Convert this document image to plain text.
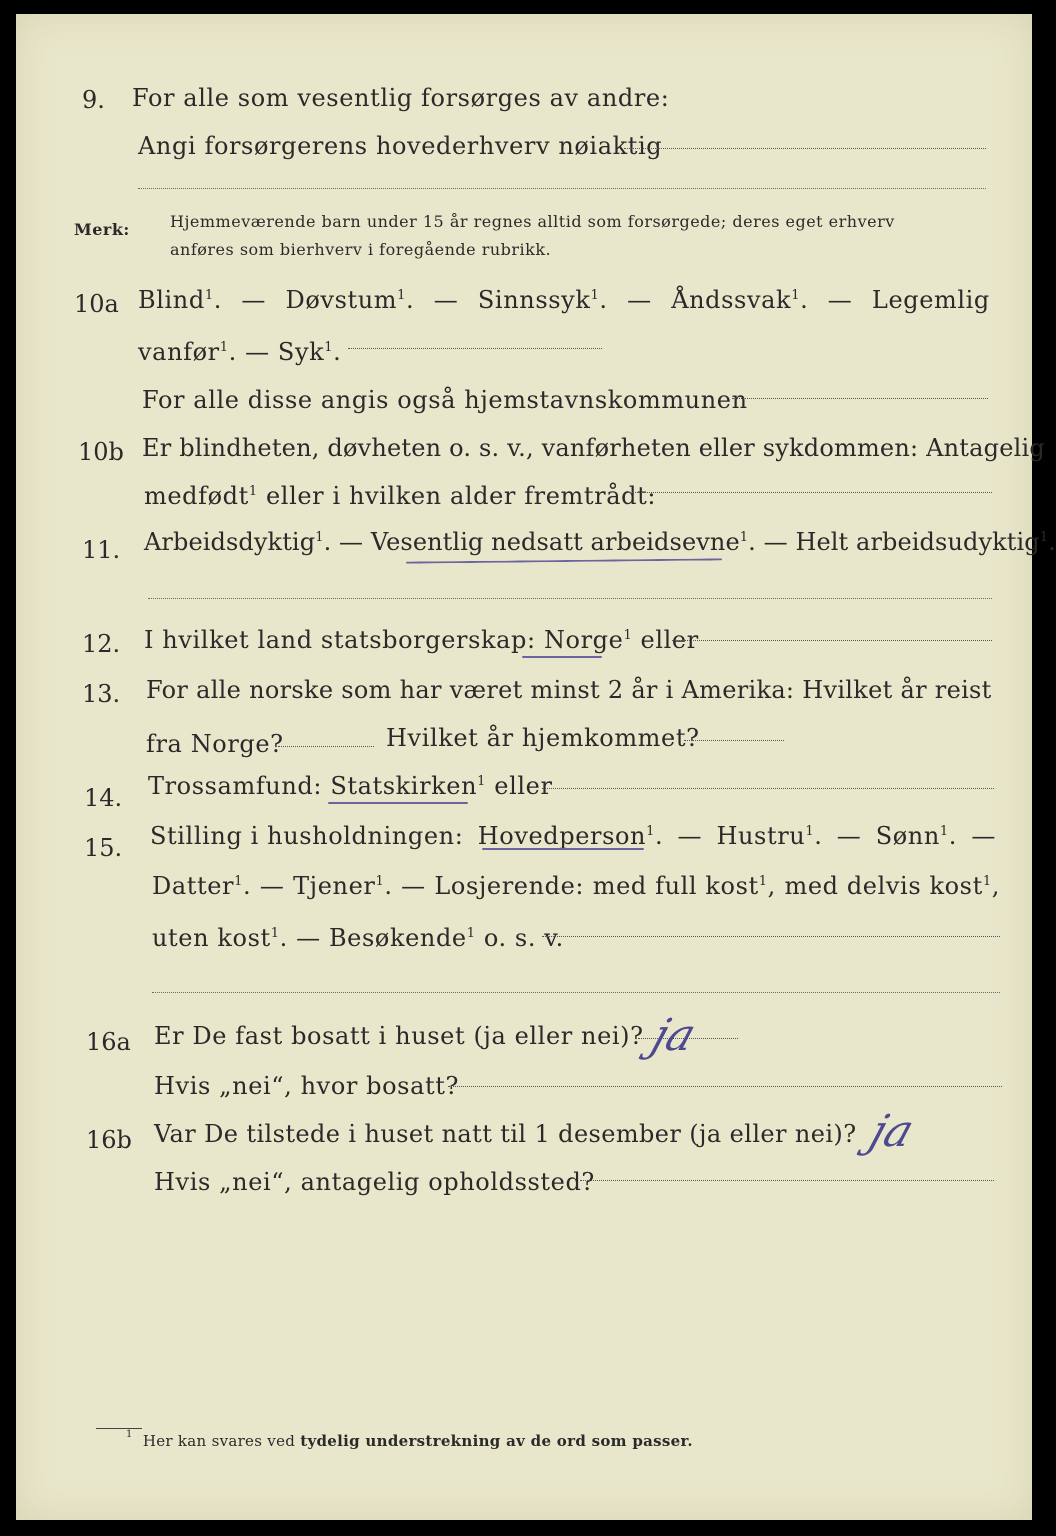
9. For alle som vesentlig forsørges av andre:
Angi forsørgerens hovederhverv nøiaktig
Merk:	Hjemmeværende barn under 15 år regnes alltid som forsørgede; deres eget erhverv
anføres som bierhverv i foregående rubrikk.
10a Blind$^1$. — Døvstum$^1$. — Sinnssyk$^1$. — Åndssvak$^1$. — Legemlig
vanfør$^1$. — Syk$^1$.
For alle disse angis også hjemstavnskommunen
10b Er blindheten, døvheten o. s. v., vanførheten eller sykdommen: Antagelig
medfødt$^1$ eller i hvilken alder fremtrådt:
11. Arbeidsdyktig$^1$. — Vesentlig nedsatt arbeidsevne$^1$. — Helt arbeidsudyktig$^1$.
12. I hvilket land statsborgerskap: Norge$^1$ eller
13. For alle norske som har været minst 2 år i Amerika: Hvilket år reist
fra Norge?	Hvilket år hjemkommet?
14. Trossamfund: Statskirken$^1$ eller
15. Stilling i husholdningen: Hovedperson$^1$. — Hustru$^1$. — Sønn$^1$. —
Datter$^1$. — Tjener$^1$. — Losjerende: med full kost$^1$, med delvis kost$^1$,
uten kost$^1$. — Besøkende$^1$ o. s. v.
16a Er De fast bosatt i huset (ja eller nei)? ja
Hvis „nei“, hvor bosatt?
16b Var De tilstede i huset natt til 1 desember (ja eller nei)? ja
Hvis „nei“, antagelig opholdssted?
$^1$ Her kan svares ved tydelig understrekning av de ord som passer.
